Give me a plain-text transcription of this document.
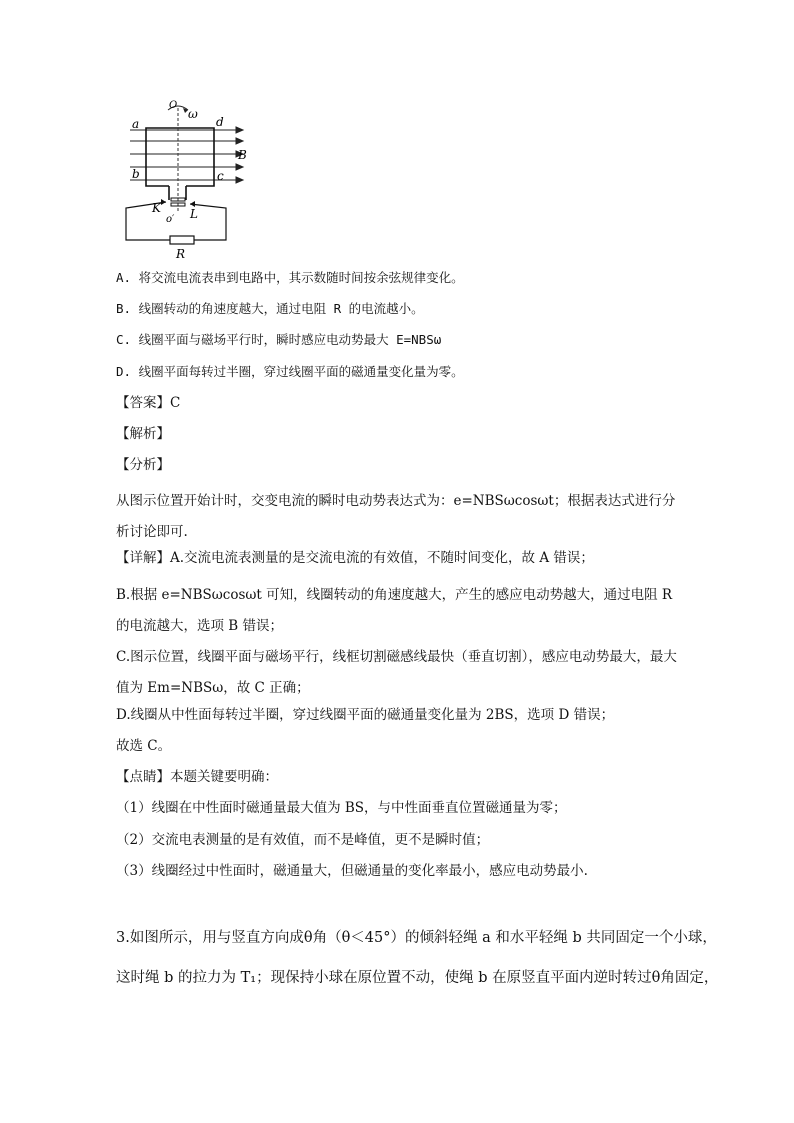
O
ω
a	d
B
b	c
K
o′ L
R
A. 将交流电流表串到电路中，其示数随时间按余弦规律变化。
B. 线圈转动的角速度越大，通过电阻 R 的电流越小。
C. 线圈平面与磁场平行时，瞬时感应电动势最大 E=NBSω
D. 线圈平面每转过半圈，穿过线圈平面的磁通量变化量为零。
【答案】C
【解析】
【分析】
从图示位置开始计时，交变电流的瞬时电动势表达式为：e=NBSωcosωt；根据表达式进行分析讨论即可.
【详解】A.交流电流表测量的是交流电流的有效值，不随时间变化，故 A 错误；
B.根据 e=NBSωcosωt 可知，线圈转动的角速度越大，产生的感应电动势越大，通过电阻 R 的电流越大，选项 B 错误；
C.图示位置，线圈平面与磁场平行，线框切割磁感线最快（垂直切割），感应电动势最大，最大值为 Em=NBSω，故 C 正确；
D.线圈从中性面每转过半圈，穿过线圈平面的磁通量变化量为 2BS，选项 D 错误；
故选 C。
【点睛】本题关键要明确：
（1）线圈在中性面时磁通量最大值为 BS，与中性面垂直位置磁通量为零；
（2）交流电表测量的是有效值，而不是峰值，更不是瞬时值；
（3）线圈经过中性面时，磁通量大，但磁通量的变化率最小，感应电动势最小.
3.如图所示，用与竖直方向成θ角（θ＜45°）的倾斜轻绳 a 和水平轻绳 b 共同固定一个小球，
这时绳 b 的拉力为 T₁；现保持小球在原位置不动，使绳 b 在原竖直平面内逆时转过θ角固定，
